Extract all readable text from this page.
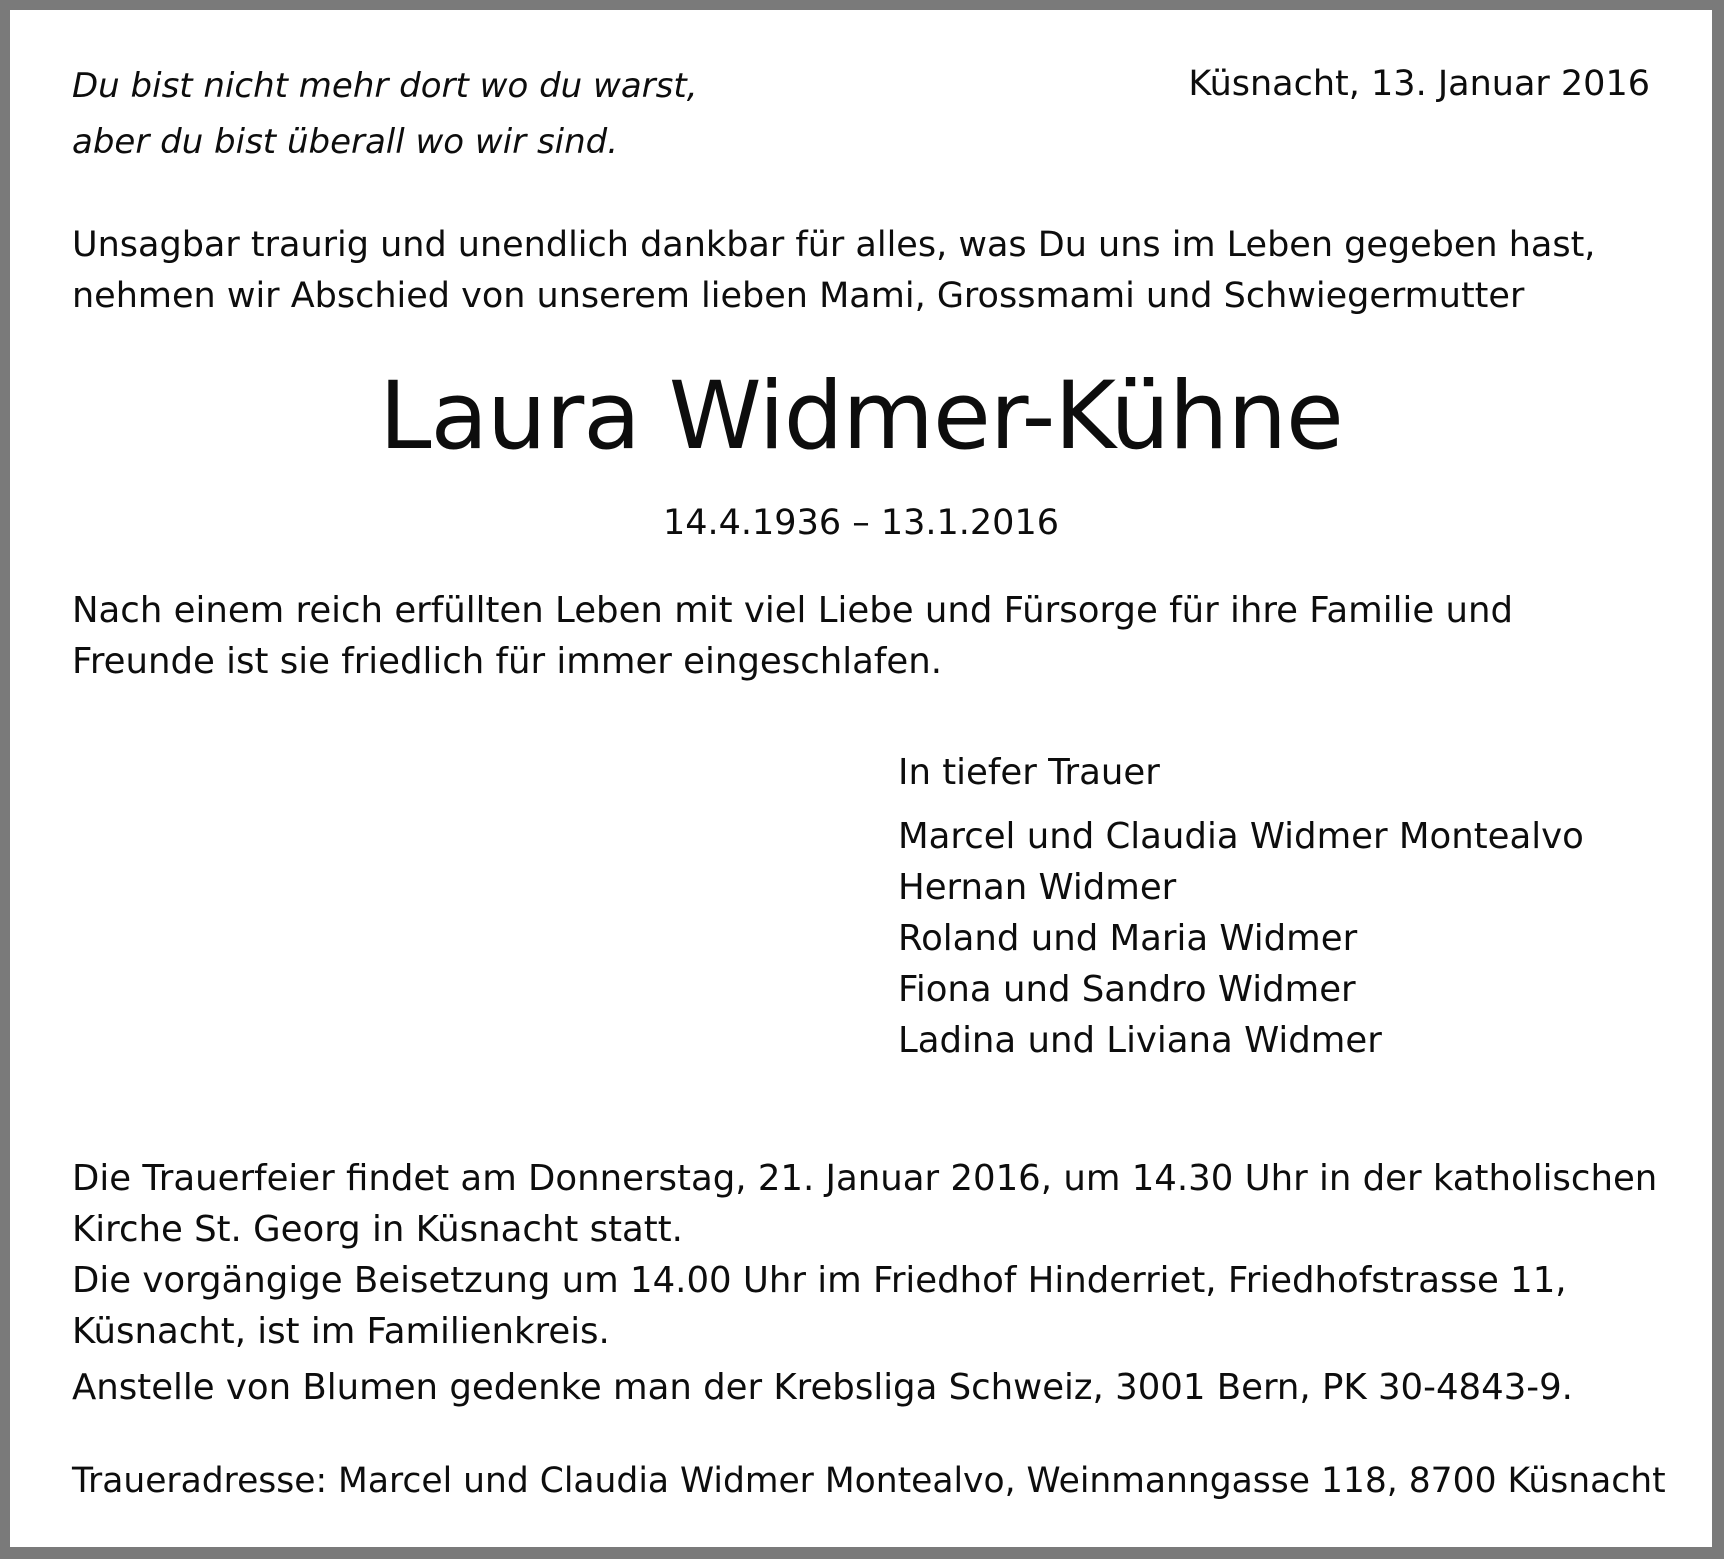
Du bist nicht mehr dort wo du warst,
aber du bist überall wo wir sind.
Küsnacht, 13. Januar 2016
Unsagbar traurig und unendlich dankbar für alles, was Du uns im Leben gegeben hast,
nehmen wir Abschied von unserem lieben Mami, Grossmami und Schwiegermutter
Laura Widmer-Kühne
14.4.1936 – 13.1.2016
Nach einem reich erfüllten Leben mit viel Liebe und Fürsorge für ihre Familie und
Freunde ist sie friedlich für immer eingeschlafen.
In tiefer Trauer
Marcel und Claudia Widmer Montealvo
Hernan Widmer
Roland und Maria Widmer
Fiona und Sandro Widmer
Ladina und Liviana Widmer
Die Trauerfeier findet am Donnerstag, 21. Januar 2016, um 14.30 Uhr in der katholischen
Kirche St. Georg in Küsnacht statt.
Die vorgängige Beisetzung um 14.00 Uhr im Friedhof Hinderriet, Friedhofstrasse 11,
Küsnacht, ist im Familienkreis.
Anstelle von Blumen gedenke man der Krebsliga Schweiz, 3001 Bern, PK 30-4843-9.
Traueradresse: Marcel und Claudia Widmer Montealvo, Weinmanngasse 118, 8700 Küsnacht
